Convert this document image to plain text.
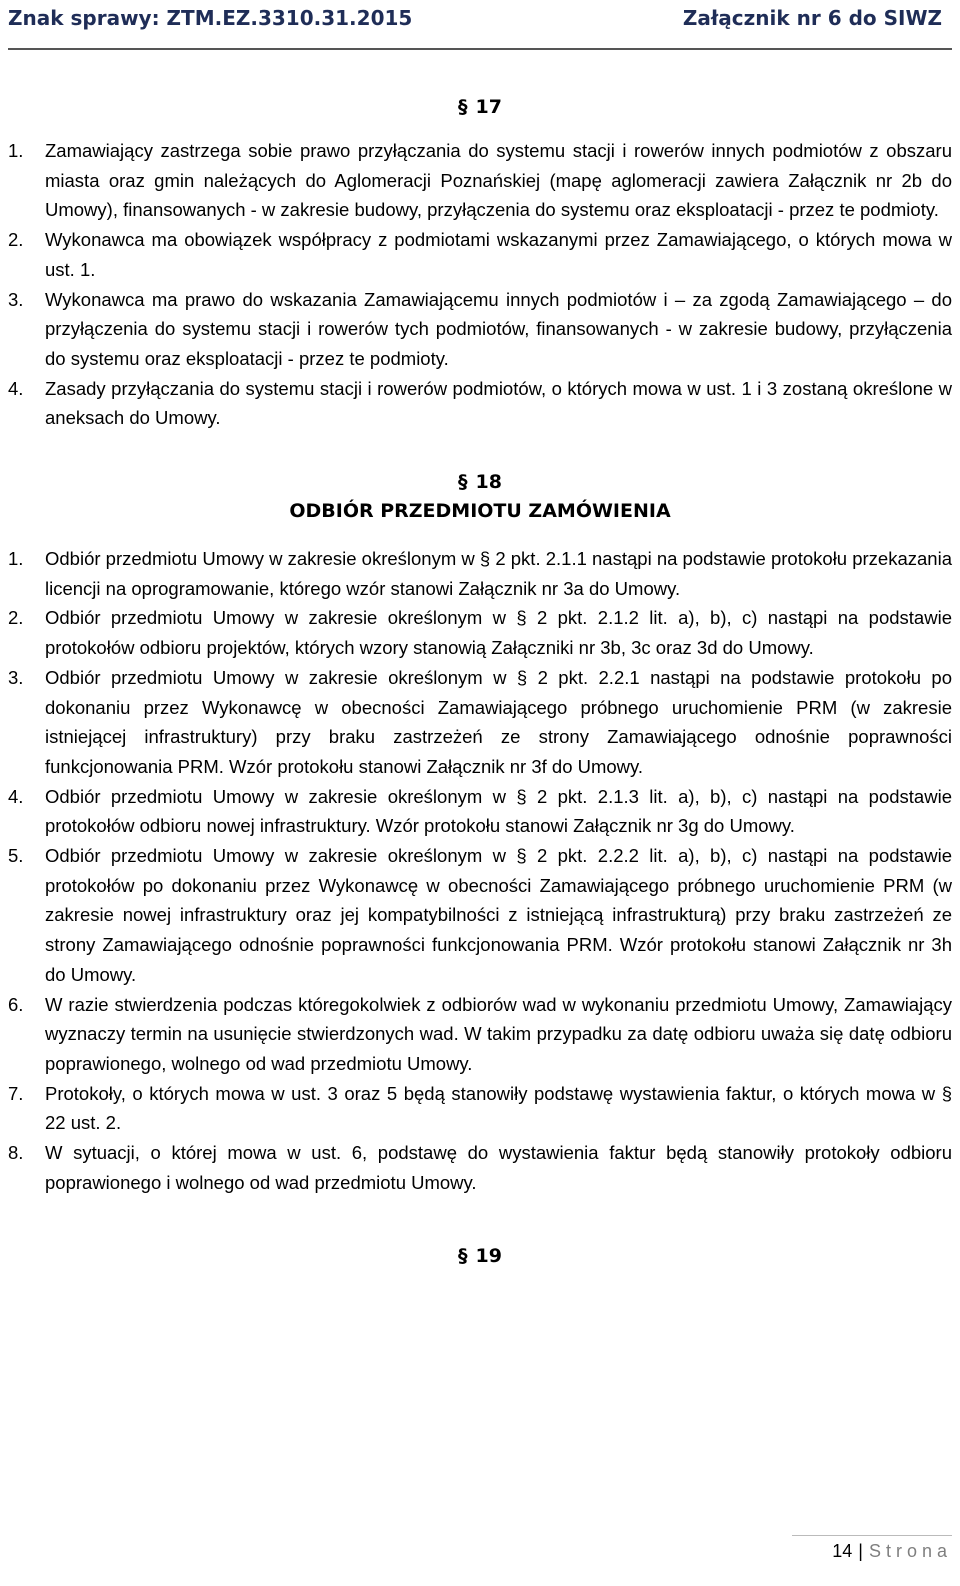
Znak sprawy: ZTM.EZ.3310.31.2015	Załącznik nr 6 do SIWZ

§ 17

1.	Zamawiający zastrzega sobie prawo przyłączania do systemu stacji i rowerów innych podmiotów z obszaru miasta oraz gmin należących do Aglomeracji Poznańskiej (mapę aglomeracji zawiera Załącznik nr 2b do Umowy), finansowanych - w zakresie budowy, przyłączenia do systemu oraz eksploatacji - przez te podmioty.
2.	Wykonawca ma obowiązek współpracy z podmiotami wskazanymi przez Zamawiającego, o których mowa w ust. 1.
3.	Wykonawca ma prawo do wskazania Zamawiającemu innych podmiotów i – za zgodą Zamawiającego – do przyłączenia do systemu stacji i rowerów tych podmiotów, finansowanych - w zakresie budowy, przyłączenia do systemu oraz eksploatacji - przez te podmioty.
4.	Zasady przyłączania do systemu stacji i rowerów podmiotów, o których mowa w ust. 1 i 3 zostaną określone w aneksach do Umowy.

§ 18

ODBIÓR PRZEDMIOTU ZAMÓWIENIA

1.	Odbiór przedmiotu Umowy w zakresie określonym w § 2 pkt. 2.1.1 nastąpi na podstawie protokołu przekazania licencji na oprogramowanie, którego wzór stanowi Załącznik nr 3a do Umowy.
2.	Odbiór przedmiotu Umowy w zakresie określonym w § 2 pkt. 2.1.2 lit. a), b), c) nastąpi na podstawie protokołów odbioru projektów, których wzory stanowią Załączniki nr 3b, 3c oraz 3d do Umowy.
3.	Odbiór przedmiotu Umowy w zakresie określonym w § 2 pkt. 2.2.1 nastąpi na podstawie protokołu po dokonaniu przez Wykonawcę w obecności Zamawiającego próbnego uruchomienie PRM (w zakresie istniejącej infrastruktury) przy braku zastrzeżeń ze strony Zamawiającego odnośnie poprawności funkcjonowania PRM. Wzór protokołu stanowi Załącznik nr 3f do Umowy.
4.	Odbiór przedmiotu Umowy w zakresie określonym w § 2 pkt. 2.1.3 lit. a), b), c) nastąpi na podstawie protokołów odbioru nowej infrastruktury. Wzór protokołu stanowi Załącznik nr 3g do Umowy.
5.	Odbiór przedmiotu Umowy w zakresie określonym w § 2 pkt. 2.2.2 lit. a), b), c) nastąpi na podstawie protokołów po dokonaniu przez Wykonawcę w obecności Zamawiającego próbnego uruchomienie PRM (w zakresie nowej infrastruktury oraz jej kompatybilności z istniejącą infrastrukturą) przy braku zastrzeżeń ze strony Zamawiającego odnośnie poprawności funkcjonowania PRM. Wzór protokołu stanowi Załącznik nr 3h do Umowy.
6.	W razie stwierdzenia podczas któregokolwiek z odbiorów wad w wykonaniu przedmiotu Umowy, Zamawiający wyznaczy termin na usunięcie stwierdzonych wad. W takim przypadku za datę odbioru uważa się datę odbioru poprawionego, wolnego od wad przedmiotu Umowy.
7.	Protokoły, o których mowa w ust. 3 oraz 5 będą stanowiły podstawę wystawienia faktur, o których mowa w § 22 ust. 2.
8.	W sytuacji, o której mowa w ust. 6, podstawę do wystawienia faktur będą stanowiły protokoły odbioru poprawionego i wolnego od wad przedmiotu Umowy.

§ 19

14 | Strona
